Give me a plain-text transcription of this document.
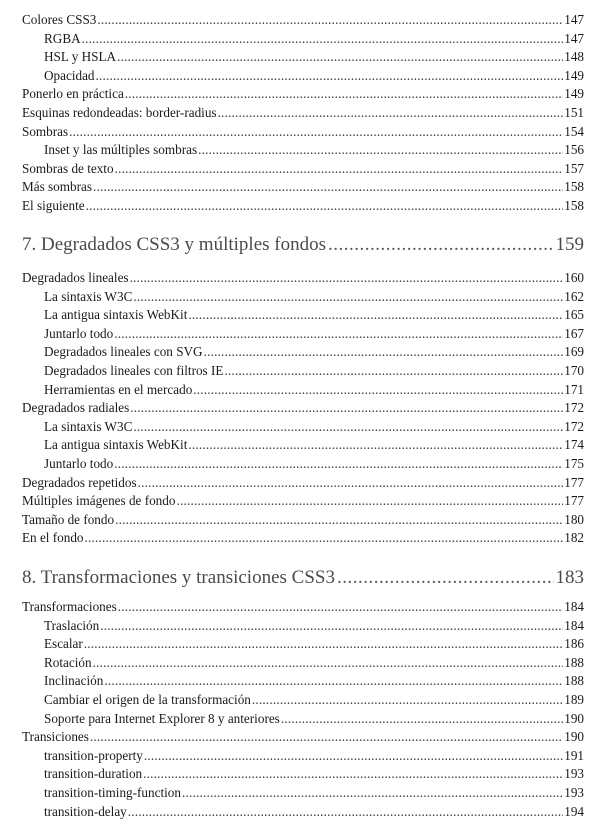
Colores CSS3 .....	147
RGBA .....	147
HSL y HSLA .....	148
Opacidad .....	149
Ponerlo en práctica .....	149
Esquinas redondeadas: border-radius .....	151
Sombras .....	154
Inset y las múltiples sombras .....	156
Sombras de texto .....	157
Más sombras .....	158
El siguiente .....	158
7. Degradados CSS3 y múltiples fondos .....	159
Degradados lineales .....	160
La sintaxis W3C .....	162
La antigua sintaxis WebKit .....	165
Juntarlo todo .....	167
Degradados lineales con SVG .....	169
Degradados lineales con filtros IE .....	170
Herramientas en el mercado .....	171
Degradados radiales .....	172
La sintaxis W3C .....	172
La antigua sintaxis WebKit .....	174
Juntarlo todo .....	175
Degradados repetidos .....	177
Múltiples imágenes de fondo .....	177
Tamaño de fondo .....	180
En el fondo .....	182
8. Transformaciones y transiciones CSS3 .....	183
Transformaciones .....	184
Traslación .....	184
Escalar .....	186
Rotación .....	188
Inclinación .....	188
Cambiar el origen de la transformación .....	189
Soporte para Internet Explorer 8 y anteriores .....	190
Transiciones .....	190
transition-property .....	191
transition-duration .....	193
transition-timing-function .....	193
transition-delay .....	194
